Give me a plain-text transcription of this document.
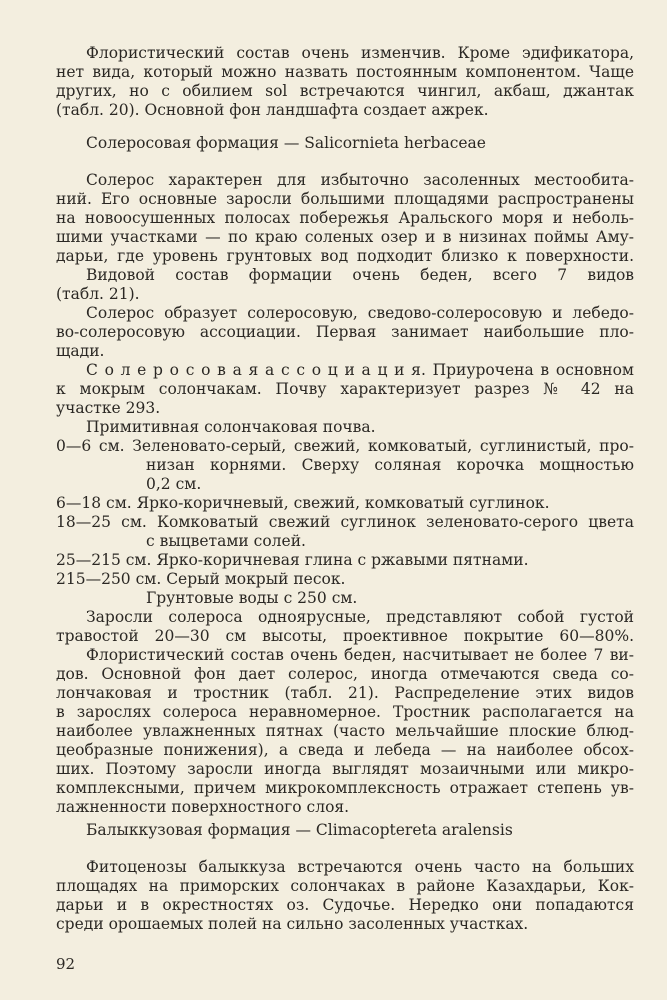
Флористический состав очень изменчив. Кроме эдификатора,
нет вида, который можно назвать постоянным компонентом. Чаще
других, но с обилием sol встречаются чингил, акбаш, джантак
(табл. 20). Основной фон ландшафта создает ажрек.
Солеросовая формация — Salicornieta herbaceae
Солерос характерен для избыточно засоленных местообита-
ний. Его основные заросли большими площадями распространены
на новоосушенных полосах побережья Аральского моря и неболь-
шими участками — по краю соленых озер и в низинах поймы Аму-
дарьи, где уровень грунтовых вод подходит близко к поверхности.
Видовой состав формации очень беден, всего 7 видов
(табл. 21).
Солерос образует солеросовую, сведово-солеросовую и лебедо-
во-солеросовую ассоциации. Первая занимает наибольшие пло-
щади.
С о л е р о с о в а я а с с о ц и а ц и я. Приурочена в основном
к мокрым солончакам. Почву характеризует разрез № 42 на
участке 293.
Примитивная солончаковая почва.
0—6 см. Зеленовато-серый, свежий, комковатый, суглинистый, про-
низан корнями. Сверху соляная корочка мощностью
0,2 см.
6—18 см. Ярко-коричневый, свежий, комковатый суглинок.
18—25 см. Комковатый свежий суглинок зеленовато-серого цвета
с выцветами солей.
25—215 см. Ярко-коричневая глина с ржавыми пятнами.
215—250 см. Серый мокрый песок.
Грунтовые воды с 250 см.
Заросли солероса одноярусные, представляют собой густой
травостой 20—30 см высоты, проективное покрытие 60—80%.
Флористический состав очень беден, насчитывает не более 7 ви-
дов. Основной фон дает солерос, иногда отмечаются сведа со-
лончаковая и тростник (табл. 21). Распределение этих видов
в зарослях солероса неравномерное. Тростник располагается на
наиболее увлажненных пятнах (часто мельчайшие плоские блюд-
цеобразные понижения), а сведа и лебеда — на наиболее обсох-
ших. Поэтому заросли иногда выглядят мозаичными или микро-
комплексными, причем микрокомплексность отражает степень ув-
лажненности поверхностного слоя.
Балыккузовая формация — Climacoptereta aralensis
Фитоценозы балыккуза встречаются очень часто на больших
площадях на приморских солончаках в районе Казахдарьи, Кок-
дарьи и в окрестностях оз. Судочье. Нередко они попадаются
среди орошаемых полей на сильно засоленных участках.
92
